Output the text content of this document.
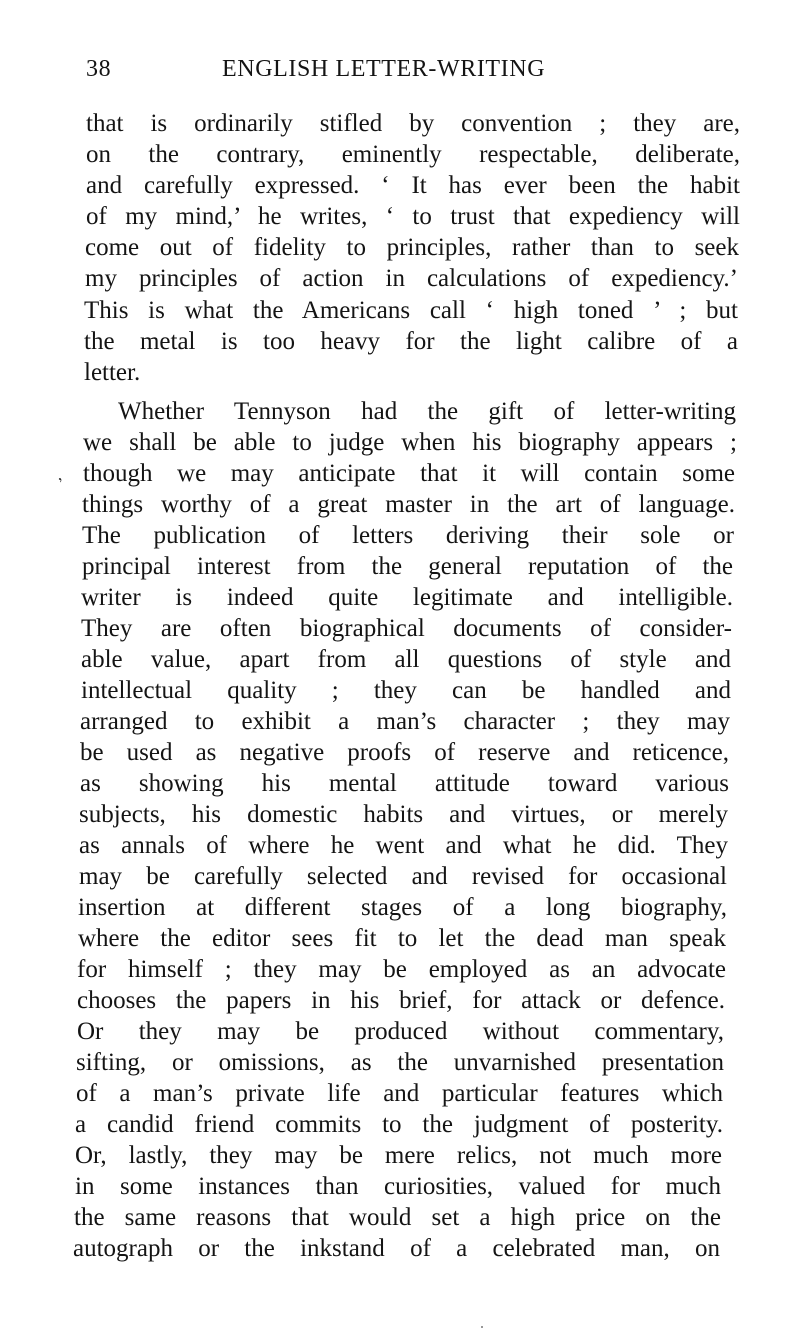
38	ENGLISH LETTER-WRITING
that is ordinarily stifled by convention ; they are,
on the contrary, eminently respectable, deliberate,
and carefully expressed. ‘ It has ever been the habit
of my mind,’ he writes, ‘ to trust that expediency will
come out of fidelity to principles, rather than to seek
my principles of action in calculations of expediency.’
This is what the Americans call ‘ high toned ’ ; but
the metal is too heavy for the light calibre of a
letter.
Whether Tennyson had the gift of letter-writing
we shall be able to judge when his biography appears ;
though we may anticipate that it will contain some
things worthy of a great master in the art of language.
The publication of letters deriving their sole or
principal interest from the general reputation of the
writer is indeed quite legitimate and intelligible.
They are often biographical documents of consider-
able value, apart from all questions of style and
intellectual quality ; they can be handled and
arranged to exhibit a man’s character ; they may
be used as negative proofs of reserve and reticence,
as showing his mental attitude toward various
subjects, his domestic habits and virtues, or merely
as annals of where he went and what he did. They
may be carefully selected and revised for occasional
insertion at different stages of a long biography,
where the editor sees fit to let the dead man speak
for himself ; they may be employed as an advocate
chooses the papers in his brief, for attack or defence.
Or they may be produced without commentary,
sifting, or omissions, as the unvarnished presentation
of a man’s private life and particular features which
a candid friend commits to the judgment of posterity.
Or, lastly, they may be mere relics, not much more
in some instances than curiosities, valued for much
the same reasons that would set a high price on the
autograph or the inkstand of a celebrated man, on
’
